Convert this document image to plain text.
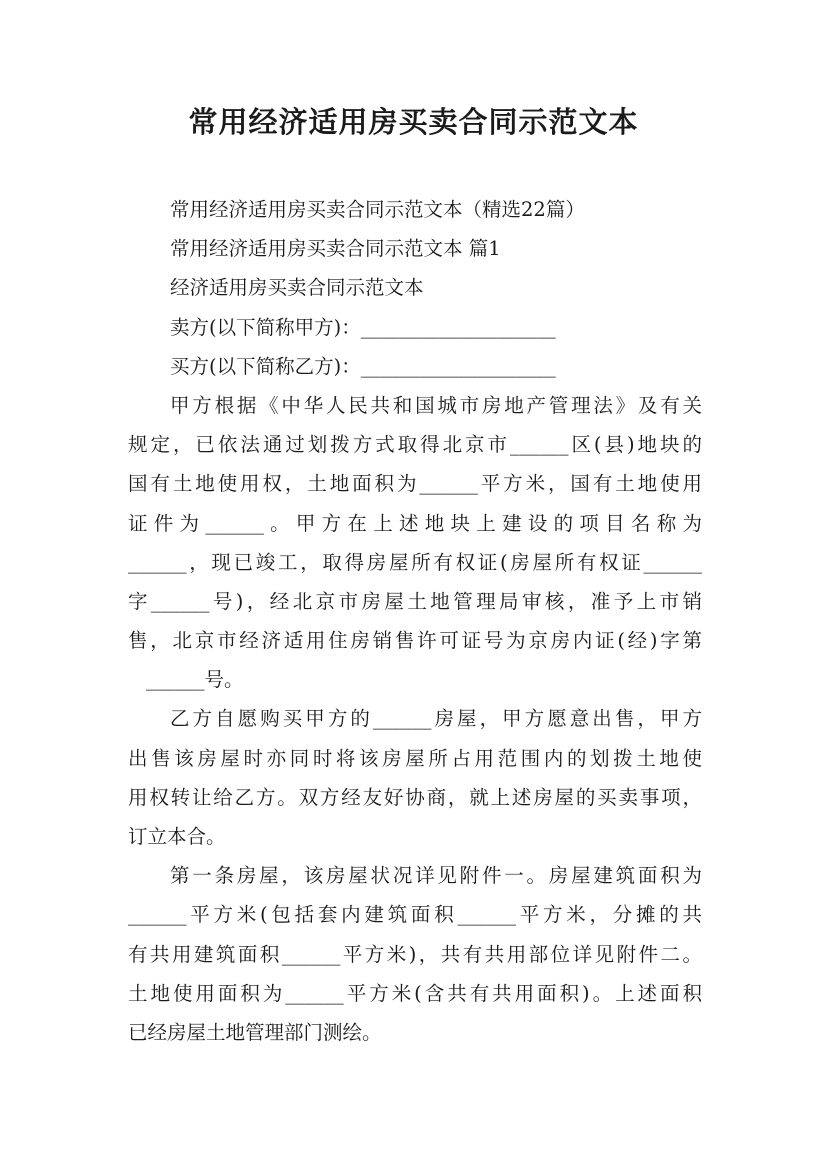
常用经济适用房买卖合同示范文本
常用经济适用房买卖合同示范文本（精选22篇）
常用经济适用房买卖合同示范文本 篇1
经济适用房买卖合同示范文本
卖方(以下简称甲方)：____________________
买方(以下简称乙方)：____________________
甲方根据《中华人民共和国城市房地产管理法》及有关
规定，已依法通过划拨方式取得北京市______区(县)地块的
国有土地使用权，土地面积为______平方米，国有土地使用
证件为______。甲方在上述地块上建设的项目名称为
______，现已竣工，取得房屋所有权证(房屋所有权证______
字______号)，经北京市房屋土地管理局审核，准予上市销
售，北京市经济适用住房销售许可证号为京房内证(经)字第
______号。
乙方自愿购买甲方的______房屋，甲方愿意出售，甲方
出售该房屋时亦同时将该房屋所占用范围内的划拨土地使
用权转让给乙方。双方经友好协商，就上述房屋的买卖事项，
订立本合。
第一条房屋，该房屋状况详见附件一。房屋建筑面积为
______平方米(包括套内建筑面积______平方米，分摊的共
有共用建筑面积______平方米)，共有共用部位详见附件二。
土地使用面积为______平方米(含共有共用面积)。上述面积
已经房屋土地管理部门测绘。
